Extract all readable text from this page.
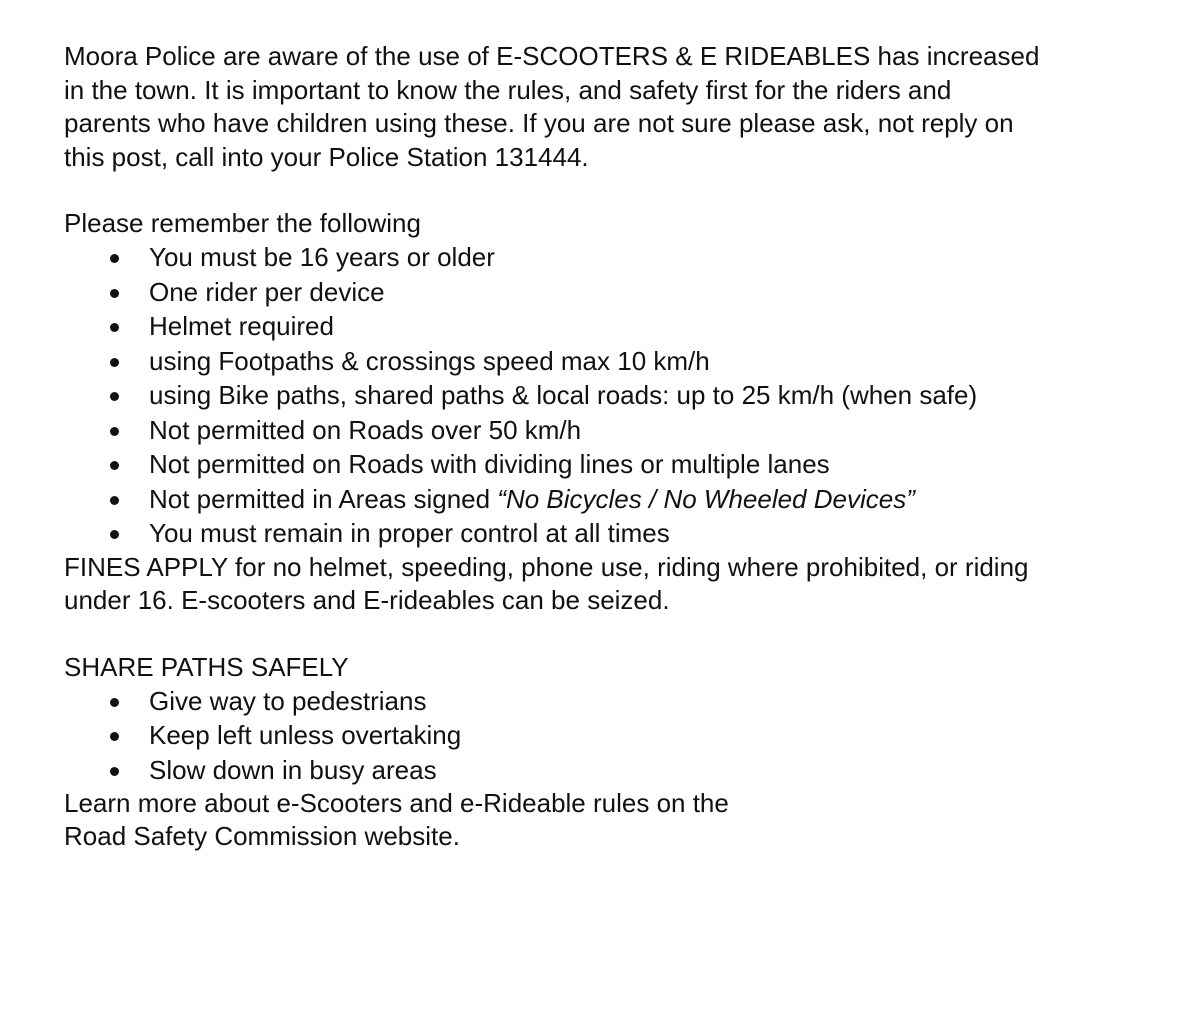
Moora Police are aware of the use of E-SCOOTERS & E RIDEABLES has increased
in the town. It is important to know the rules, and safety first for the riders and
parents who have children using these. If you are not sure please ask, not reply on
this post, call into your Police Station 131444.
Please remember the following
You must be 16 years or older
One rider per device
Helmet required
using Footpaths & crossings speed max 10 km/h
using Bike paths, shared paths & local roads: up to 25 km/h (when safe)
Not permitted on Roads over 50 km/h
Not permitted on Roads with dividing lines or multiple lanes
Not permitted in Areas signed “No Bicycles / No Wheeled Devices”
You must remain in proper control at all times
FINES APPLY for no helmet, speeding, phone use, riding where prohibited, or riding
under 16. E-scooters and E-rideables can be seized.
SHARE PATHS SAFELY
Give way to pedestrians
Keep left unless overtaking
Slow down in busy areas
Learn more about e-Scooters and e-Rideable rules on the
Road Safety Commission website.
